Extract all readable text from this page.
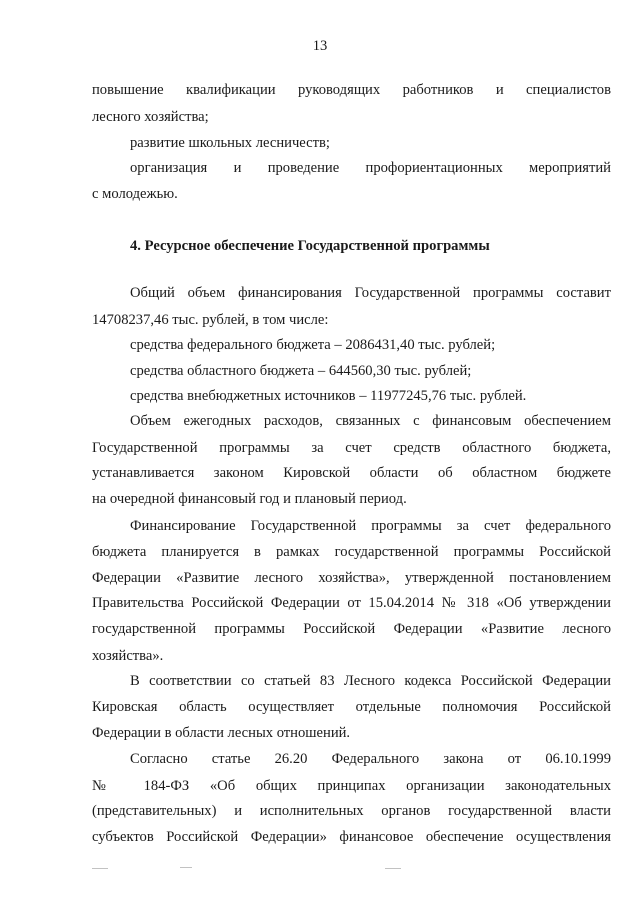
13
повышение квалификации руководящих работников и специалистов
лесного хозяйства;
развитие школьных лесничеств;
организация и проведение профориентационных мероприятий
с молодежью.
4. Ресурсное обеспечение Государственной программы
Общий объем финансирования Государственной программы составит
14708237,46 тыс. рублей, в том числе:
средства федерального бюджета – 2086431,40 тыс. рублей;
средства областного бюджета – 644560,30 тыс. рублей;
средства внебюджетных источников – 11977245,76 тыс. рублей.
Объем ежегодных расходов, связанных с финансовым обеспечением
Государственной программы за счет средств областного бюджета,
устанавливается законом Кировской области об областном бюджете
на очередной финансовый год и плановый период.
Финансирование Государственной программы за счет федерального
бюджета планируется в рамках государственной программы Российской
Федерации «Развитие лесного хозяйства», утвержденной постановлением
Правительства Российской Федерации от 15.04.2014 № 318 «Об утверждении
государственной программы Российской Федерации «Развитие лесного
хозяйства».
В соответствии со статьей 83 Лесного кодекса Российской Федерации
Кировская область осуществляет отдельные полномочия Российской
Федерации в области лесных отношений.
Согласно статье 26.20 Федерального закона от 06.10.1999
№ 184-ФЗ «Об общих принципах организации законодательных
(представительных) и исполнительных органов государственной власти
субъектов Российской Федерации» финансовое обеспечение осуществления
